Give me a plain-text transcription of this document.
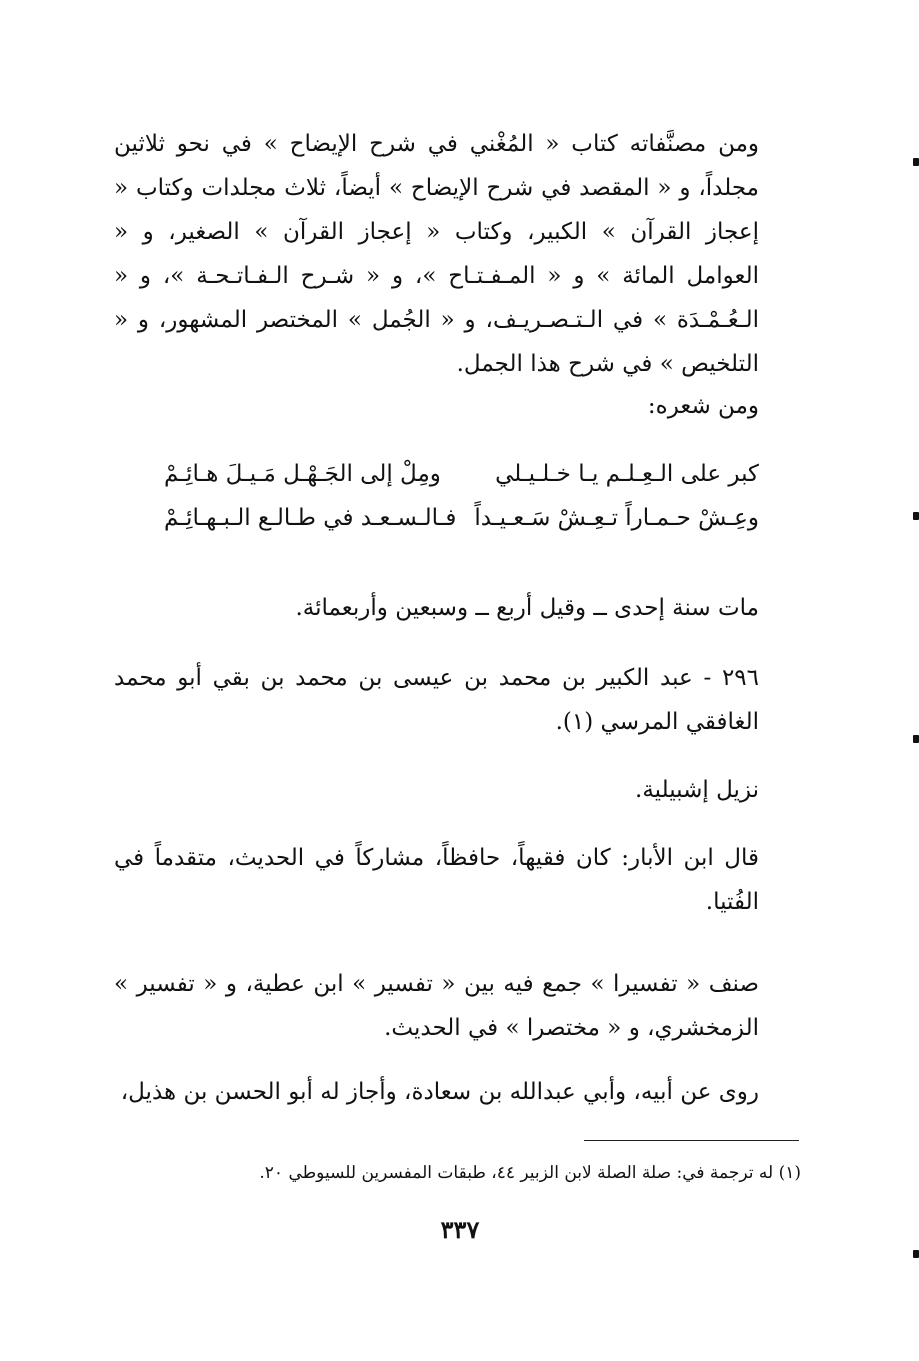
ومن مصنَّفاته كتاب « المُغْني في شرح الإيضاح » في نحو ثلاثين مجلداً، و « المقصد في شرح الإيضاح » أيضاً، ثلاث مجلدات وكتاب « إعجاز القرآن » الكبير، وكتاب « إعجاز القرآن » الصغير، و « العوامل المائة » و « المـفـتـاح »، و « شـرح الـفـاتـحـة »، و « الـعُـمْـدَة » في الـتـصـريـف، و « الجُمل » المختصر المشهور، و « التلخيص » في شرح هذا الجمل.
ومن شعره:
كبر على الـعِـلـم يـا خـلـيـلي
ومِلْ إلى الجَـهْـل مَـيـلَ هـائِـمْ
وعِـشْ حـمـاراً تـعِـشْ سَـعـيـداً
فـالـسـعـد في طـالـع الـبـهـائِـمْ
مات سنة إحدى ــ وقيل أربع ــ وسبعين وأربعمائة.
٢٩٦ - عبد الكبير بن محمد بن عيسى بن محمد بن بقي أبو محمد الغافقي المرسي (١).
نزيل إشبيلية.
قال ابن الأبار: كان فقيهاً، حافظاً، مشاركاً في الحديث، متقدماً في الفُتيا.
صنف « تفسيرا » جمع فيه بين « تفسير » ابن عطية، و « تفسير » الزمخشري، و « مختصرا » في الحديث.
روى عن أبيه، وأبي عبدالله بن سعادة، وأجاز له أبو الحسن بن هذيل،
(١) له ترجمة في: صلة الصلة لابن الزبير ٤٤، طبقات المفسرين للسيوطي ٢٠.
٣٣٧
